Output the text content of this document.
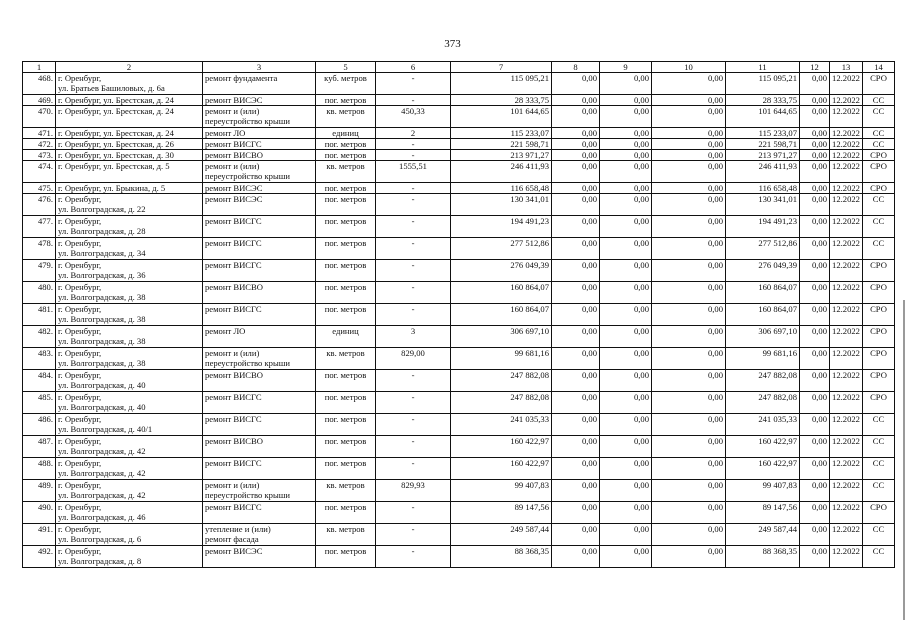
373
1	2	3	5	6	7	8	9	10	11	12	13	14
468.	г. Оренбург,
ул. Братьев Башиловых, д. 6а	ремонт фундамента	куб. метров	-	115 095,21	0,00	0,00	0,00	115 095,21	0,00	12.2022	СРО
469.	г. Оренбург, ул. Брестская, д. 24	ремонт ВИСЭС	пог. метров	-	28 333,75	0,00	0,00	0,00	28 333,75	0,00	12.2022	СС
470.	г. Оренбург, ул. Брестская, д. 24	ремонт и (или)
переустройство крыши	кв. метров	450,33	101 644,65	0,00	0,00	0,00	101 644,65	0,00	12.2022	СС
471.	г. Оренбург, ул. Брестская, д. 24	ремонт ЛО	единиц	2	115 233,07	0,00	0,00	0,00	115 233,07	0,00	12.2022	СС
472.	г. Оренбург, ул. Брестская, д. 26	ремонт ВИСГС	пог. метров	-	221 598,71	0,00	0,00	0,00	221 598,71	0,00	12.2022	СС
473.	г. Оренбург, ул. Брестская, д. 30	ремонт ВИСВО	пог. метров	-	213 971,27	0,00	0,00	0,00	213 971,27	0,00	12.2022	СРО
474.	г. Оренбург, ул. Брестская, д. 5	ремонт и (или)
переустройство крыши	кв. метров	1555,51	246 411,93	0,00	0,00	0,00	246 411,93	0,00	12.2022	СРО
475.	г. Оренбург, ул. Брыкина, д. 5	ремонт ВИСЭС	пог. метров	-	116 658,48	0,00	0,00	0,00	116 658,48	0,00	12.2022	СРО
476.	г. Оренбург,
ул. Волгоградская, д. 22	ремонт ВИСЭС	пог. метров	-	130 341,01	0,00	0,00	0,00	130 341,01	0,00	12.2022	СС
477.	г. Оренбург,
ул. Волгоградская, д. 28	ремонт ВИСГС	пог. метров	-	194 491,23	0,00	0,00	0,00	194 491,23	0,00	12.2022	СС
478.	г. Оренбург,
ул. Волгоградская, д. 34	ремонт ВИСГС	пог. метров	-	277 512,86	0,00	0,00	0,00	277 512,86	0,00	12.2022	СС
479.	г. Оренбург,
ул. Волгоградская, д. 36	ремонт ВИСГС	пог. метров	-	276 049,39	0,00	0,00	0,00	276 049,39	0,00	12.2022	СРО
480.	г. Оренбург,
ул. Волгоградская, д. 38	ремонт ВИСВО	пог. метров	-	160 864,07	0,00	0,00	0,00	160 864,07	0,00	12.2022	СРО
481.	г. Оренбург,
ул. Волгоградская, д. 38	ремонт ВИСГС	пог. метров	-	160 864,07	0,00	0,00	0,00	160 864,07	0,00	12.2022	СРО
482.	г. Оренбург,
ул. Волгоградская, д. 38	ремонт ЛО	единиц	3	306 697,10	0,00	0,00	0,00	306 697,10	0,00	12.2022	СРО
483.	г. Оренбург,
ул. Волгоградская, д. 38	ремонт и (или)
переустройство крыши	кв. метров	829,00	99 681,16	0,00	0,00	0,00	99 681,16	0,00	12.2022	СРО
484.	г. Оренбург,
ул. Волгоградская, д. 40	ремонт ВИСВО	пог. метров	-	247 882,08	0,00	0,00	0,00	247 882,08	0,00	12.2022	СРО
485.	г. Оренбург,
ул. Волгоградская, д. 40	ремонт ВИСГС	пог. метров	-	247 882,08	0,00	0,00	0,00	247 882,08	0,00	12.2022	СРО
486.	г. Оренбург,
ул. Волгоградская, д. 40/1	ремонт ВИСГС	пог. метров	-	241 035,33	0,00	0,00	0,00	241 035,33	0,00	12.2022	СС
487.	г. Оренбург,
ул. Волгоградская, д. 42	ремонт ВИСВО	пог. метров	-	160 422,97	0,00	0,00	0,00	160 422,97	0,00	12.2022	СС
488.	г. Оренбург,
ул. Волгоградская, д. 42	ремонт ВИСГС	пог. метров	-	160 422,97	0,00	0,00	0,00	160 422,97	0,00	12.2022	СС
489.	г. Оренбург,
ул. Волгоградская, д. 42	ремонт и (или)
переустройство крыши	кв. метров	829,93	99 407,83	0,00	0,00	0,00	99 407,83	0,00	12.2022	СС
490.	г. Оренбург,
ул. Волгоградская, д. 46	ремонт ВИСГС	пог. метров	-	89 147,56	0,00	0,00	0,00	89 147,56	0,00	12.2022	СРО
491.	г. Оренбург,
ул. Волгоградская, д. 6	утепление и (или)
ремонт фасада	кв. метров	-	249 587,44	0,00	0,00	0,00	249 587,44	0,00	12.2022	СС
492.	г. Оренбург,
ул. Волгоградская, д. 8	ремонт ВИСЭС	пог. метров	-	88 368,35	0,00	0,00	0,00	88 368,35	0,00	12.2022	СС
